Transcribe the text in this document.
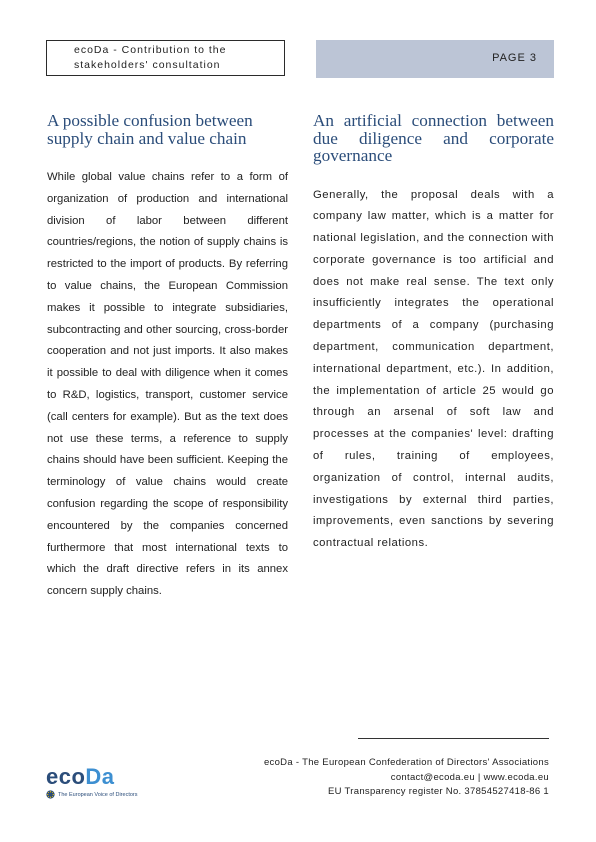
ecoDa - Contribution to the
stakeholders' consultation
PAGE 3
A possible confusion between supply chain and value chain

While global value chains refer to a form of organization of production and international division of labor between different countries/regions, the notion of supply chains is restricted to the import of products. By referring to value chains, the European Commission makes it possible to integrate subsidiaries, subcontracting and other sourcing, cross-border cooperation and not just imports. It also makes it possible to deal with diligence when it comes to R&D, logistics, transport, customer service (call centers for example). But as the text does not use these terms, a reference to supply chains should have been sufficient. Keeping the terminology of value chains would create confusion regarding the scope of responsibility encountered by the companies concerned furthermore that most international texts to which the draft directive refers in its annex concern supply chains.

An artificial connection between due diligence and corporate governance

Generally, the proposal deals with a company law matter, which is a matter for national legislation, and the connection with corporate governance is too artificial and does not make real sense. The text only insufficiently integrates the operational departments of a company (purchasing department, communication department, international department, etc.). In addition, the implementation of article 25 would go through an arsenal of soft law and processes at the companies' level: drafting of rules, training of employees, organization of control, internal audits, investigations by external third parties, improvements, even sanctions by severing contractual relations.

ecoDa - The European Confederation of Directors' Associations
contact@ecoda.eu | www.ecoda.eu
EU Transparency register No. 37854527418-86 1
ecoDa
The European Voice of Directors
